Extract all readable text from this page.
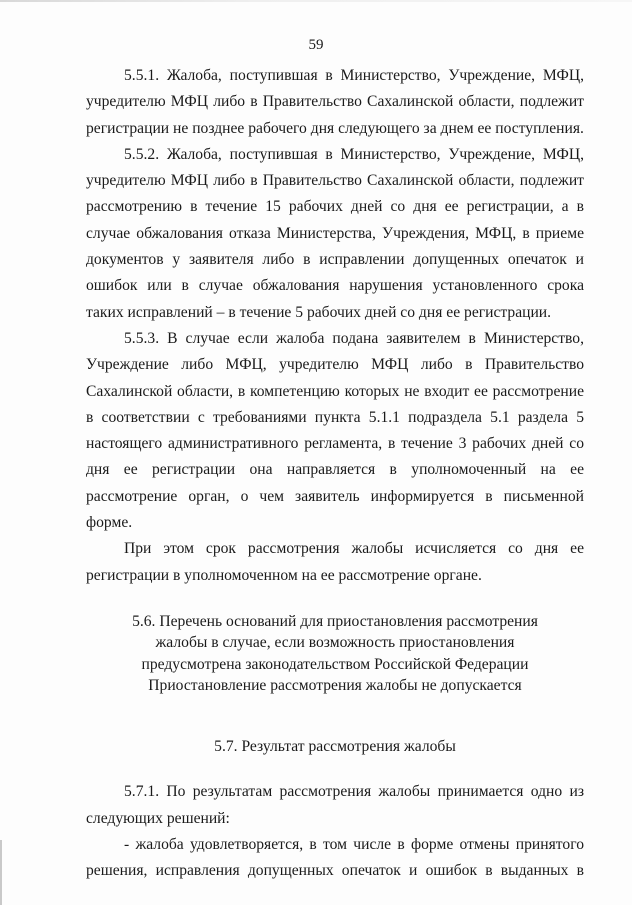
59

5.5.1. Жалоба, поступившая в Министерство, Учреждение, МФЦ, учредителю МФЦ либо в Правительство Сахалинской области, подлежит регистрации не позднее рабочего дня следующего за днем ее поступления.

5.5.2. Жалоба, поступившая в Министерство, Учреждение, МФЦ, учредителю МФЦ либо в Правительство Сахалинской области, подлежит рассмотрению в течение 15 рабочих дней со дня ее регистрации, а в случае обжалования отказа Министерства, Учреждения, МФЦ, в приеме документов у заявителя либо в исправлении допущенных опечаток и ошибок или в случае обжалования нарушения установленного срока таких исправлений – в течение 5 рабочих дней со дня ее регистрации.

5.5.3. В случае если жалоба подана заявителем в Министерство, Учреждение либо МФЦ, учредителю МФЦ либо в Правительство Сахалинской области, в компетенцию которых не входит ее рассмотрение в соответствии с требованиями пункта 5.1.1 подраздела 5.1 раздела 5 настоящего административного регламента, в течение 3 рабочих дней со дня ее регистрации она направляется в уполномоченный на ее рассмотрение орган, о чем заявитель информируется в письменной форме.

При этом срок рассмотрения жалобы исчисляется со дня ее регистрации в уполномоченном на ее рассмотрение органе.

5.6. Перечень оснований для приостановления рассмотрения
жалобы в случае, если возможность приостановления
предусмотрена законодательством Российской Федерации
Приостановление рассмотрения жалобы не допускается
5.7. Результат рассмотрения жалобы

5.7.1. По результатам рассмотрения жалобы принимается одно из следующих решений:

- жалоба удовлетворяется, в том числе в форме отмены принятого решения, исправления допущенных опечаток и ошибок в выданных в
